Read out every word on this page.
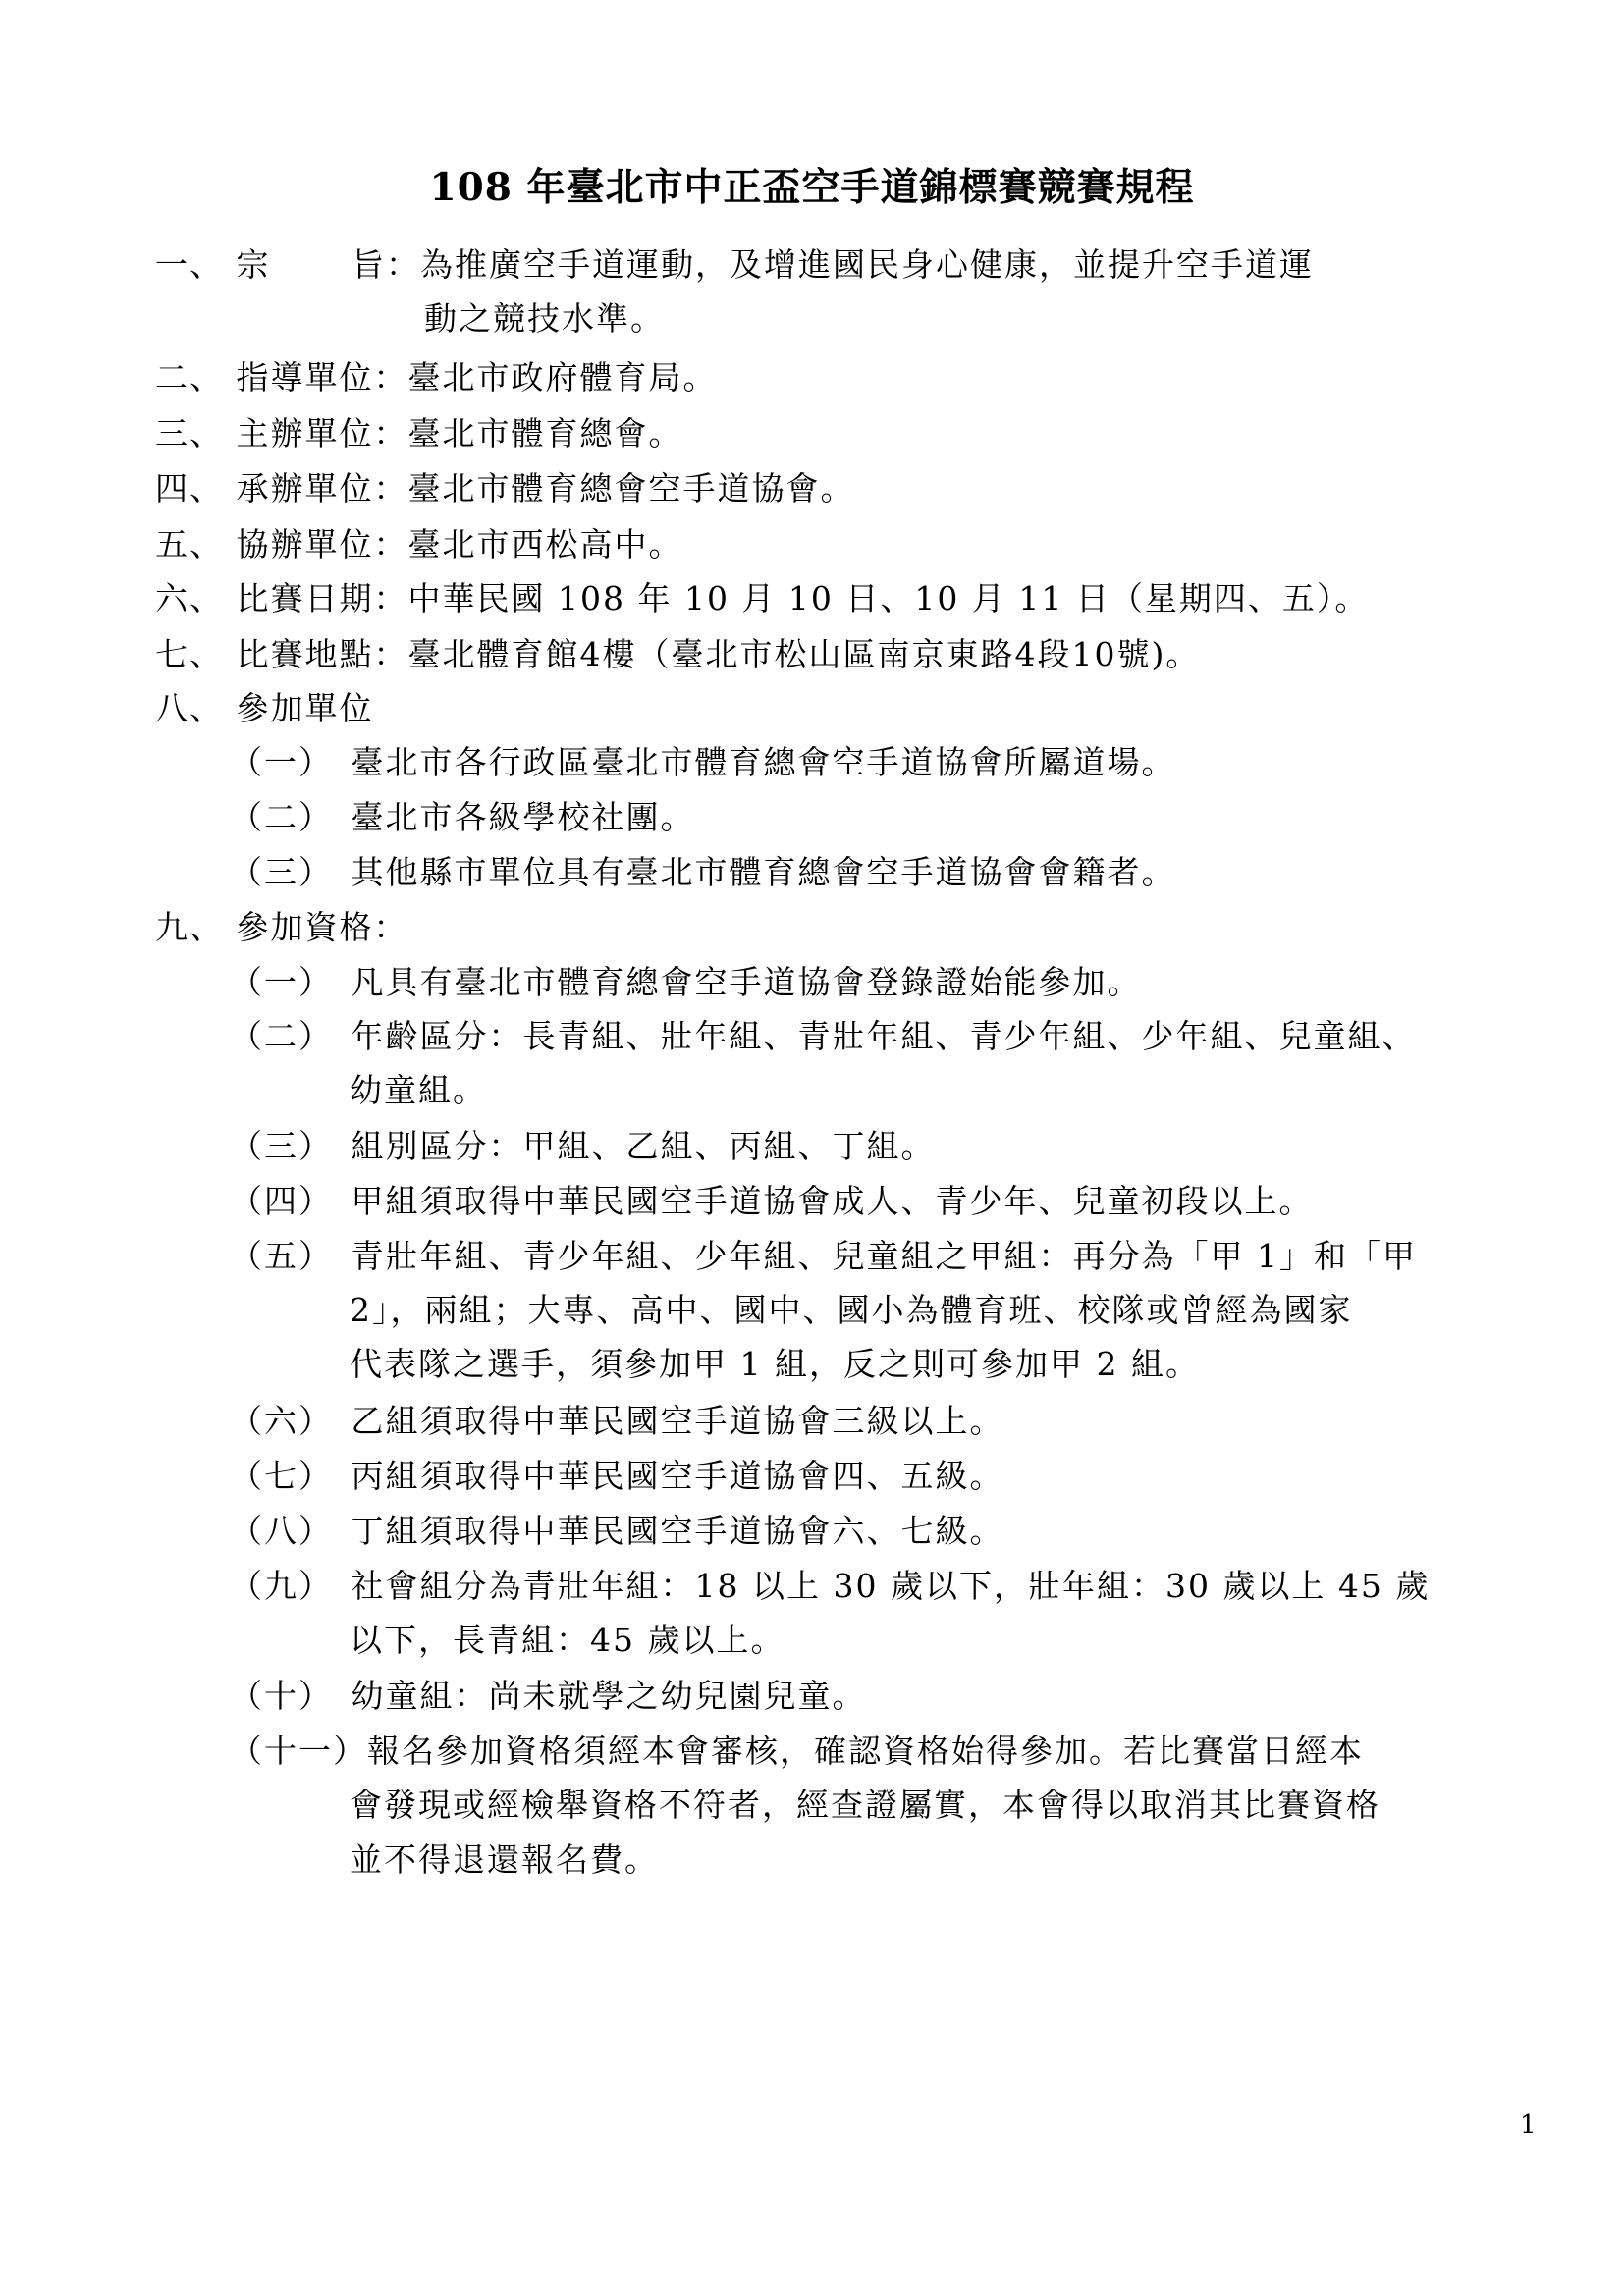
108 年臺北市中正盃空手道錦標賽競賽規程
一、 宗　　 旨：為推廣空手道運動，及增進國民身心健康，並提升空手道運
動之競技水準。
二、 指導單位：臺北市政府體育局。
三、 主辦單位：臺北市體育總會。
四、 承辦單位：臺北市體育總會空手道協會。
五、 協辦單位：臺北市西松高中。
六、 比賽日期：中華民國 108 年 10 月 10 日、10 月 11 日（星期四、五）。
七、 比賽地點：臺北體育館4樓（臺北市松山區南京東路4段10號)。
八、 參加單位
（一）　臺北市各行政區臺北市體育總會空手道協會所屬道場。
（二）　臺北市各級學校社團。
（三）　其他縣市單位具有臺北市體育總會空手道協會會籍者。
九、 參加資格：
（一）　凡具有臺北市體育總會空手道協會登錄證始能參加。
（二）　年齡區分：長青組、壯年組、青壯年組、青少年組、少年組、兒童組、
幼童組。
（三）　組別區分：甲組、乙組、丙組、丁組。
（四）　甲組須取得中華民國空手道協會成人、青少年、兒童初段以上。
（五）　青壯年組、青少年組、少年組、兒童組之甲組：再分為「甲 1」和「甲
2」，兩組；大專、高中、國中、國小為體育班、校隊或曾經為國家
代表隊之選手，須參加甲 1 組，反之則可參加甲 2 組。
（六）　乙組須取得中華民國空手道協會三級以上。
（七）　丙組須取得中華民國空手道協會四、五級。
（八）　丁組須取得中華民國空手道協會六、七級。
（九）　社會組分為青壯年組：18 以上 30 歲以下，壯年組：30 歲以上 45 歲
以下，長青組：45 歲以上。
（十）　幼童組：尚未就學之幼兒園兒童。
（十一）報名參加資格須經本會審核，確認資格始得參加。若比賽當日經本
會發現或經檢舉資格不符者，經查證屬實，本會得以取消其比賽資格
並不得退還報名費。
1
